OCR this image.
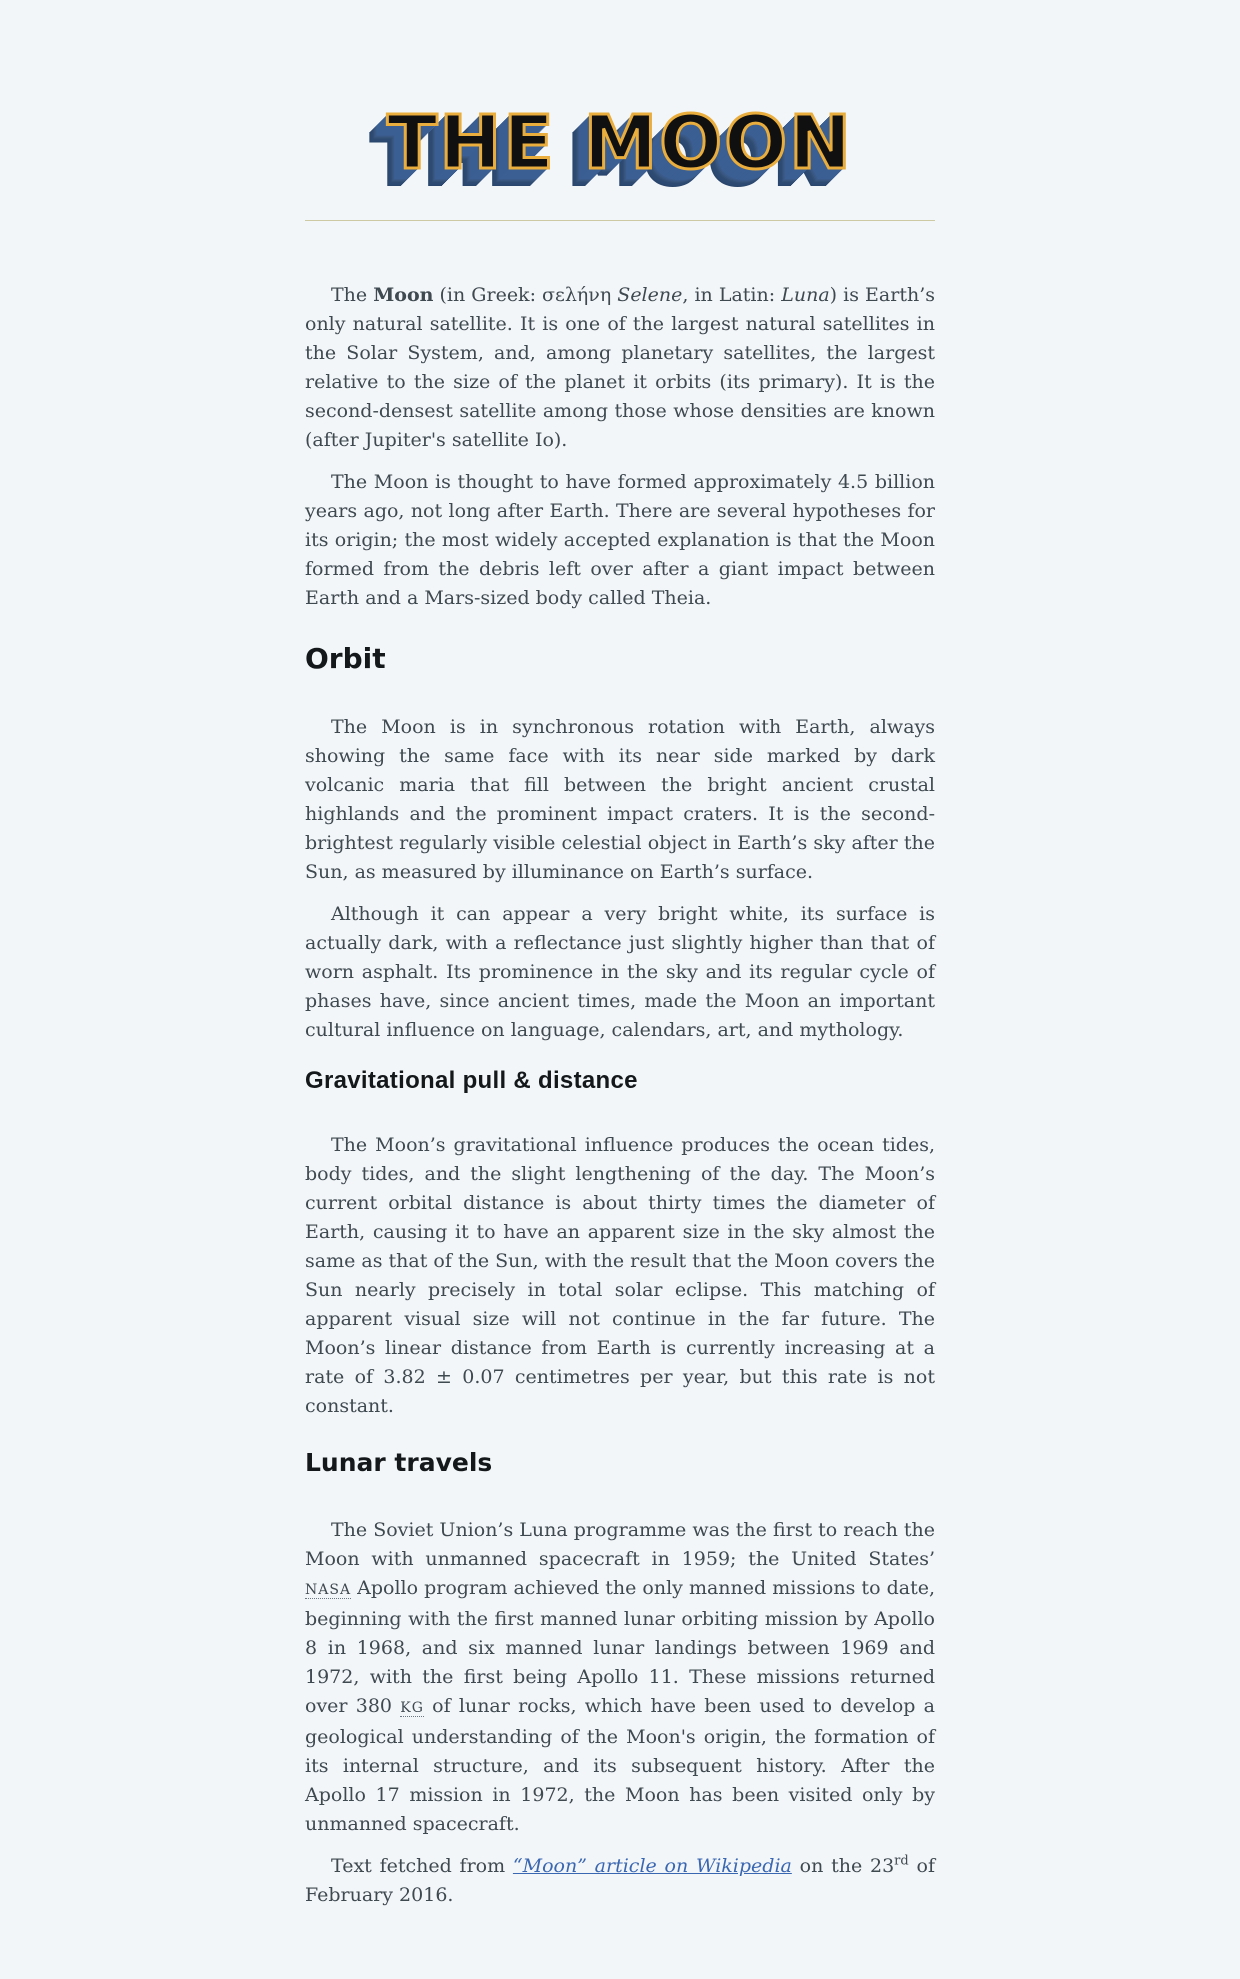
THE MOON

The Moon (in Greek: σελήνη Selene, in Latin: Luna) is Earth’s only natural satellite. It is one of the largest natural satellites in the Solar System, and, among planetary satellites, the largest relative to the size of the planet it orbits (its primary). It is the second-densest satellite among those whose densities are known (after Jupiter's satellite Io).

The Moon is thought to have formed approximately 4.5 billion years ago, not long after Earth. There are several hypotheses for its origin; the most widely accepted explanation is that the Moon formed from the debris left over after a giant impact between Earth and a Mars-sized body called Theia.

Orbit

The Moon is in synchronous rotation with Earth, always showing the same face with its near side marked by dark volcanic maria that fill between the bright ancient crustal highlands and the prominent impact craters. It is the second-brightest regularly visible celestial object in Earth’s sky after the Sun, as measured by illuminance on Earth’s surface.

Although it can appear a very bright white, its surface is actually dark, with a reflectance just slightly higher than that of worn asphalt. Its prominence in the sky and its regular cycle of phases have, since ancient times, made the Moon an important cultural influence on language, calendars, art, and mythology.

Gravitational pull & distance

The Moon’s gravitational influence produces the ocean tides, body tides, and the slight lengthening of the day. The Moon’s current orbital distance is about thirty times the diameter of Earth, causing it to have an apparent size in the sky almost the same as that of the Sun, with the result that the Moon covers the Sun nearly precisely in total solar eclipse. This matching of apparent visual size will not continue in the far future. The Moon’s linear distance from Earth is currently increasing at a rate of 3.82 ± 0.07 centimetres per year, but this rate is not constant.

Lunar travels

The Soviet Union’s Luna programme was the first to reach the Moon with unmanned spacecraft in 1959; the United States’ NASA Apollo program achieved the only manned missions to date, beginning with the first manned lunar orbiting mission by Apollo 8 in 1968, and six manned lunar landings between 1969 and 1972, with the first being Apollo 11. These missions returned over 380 KG of lunar rocks, which have been used to develop a geological understanding of the Moon's origin, the formation of its internal structure, and its subsequent history. After the Apollo 17 mission in 1972, the Moon has been visited only by unmanned spacecraft.

Text fetched from “Moon” article on Wikipedia on the 23rd of February 2016.
